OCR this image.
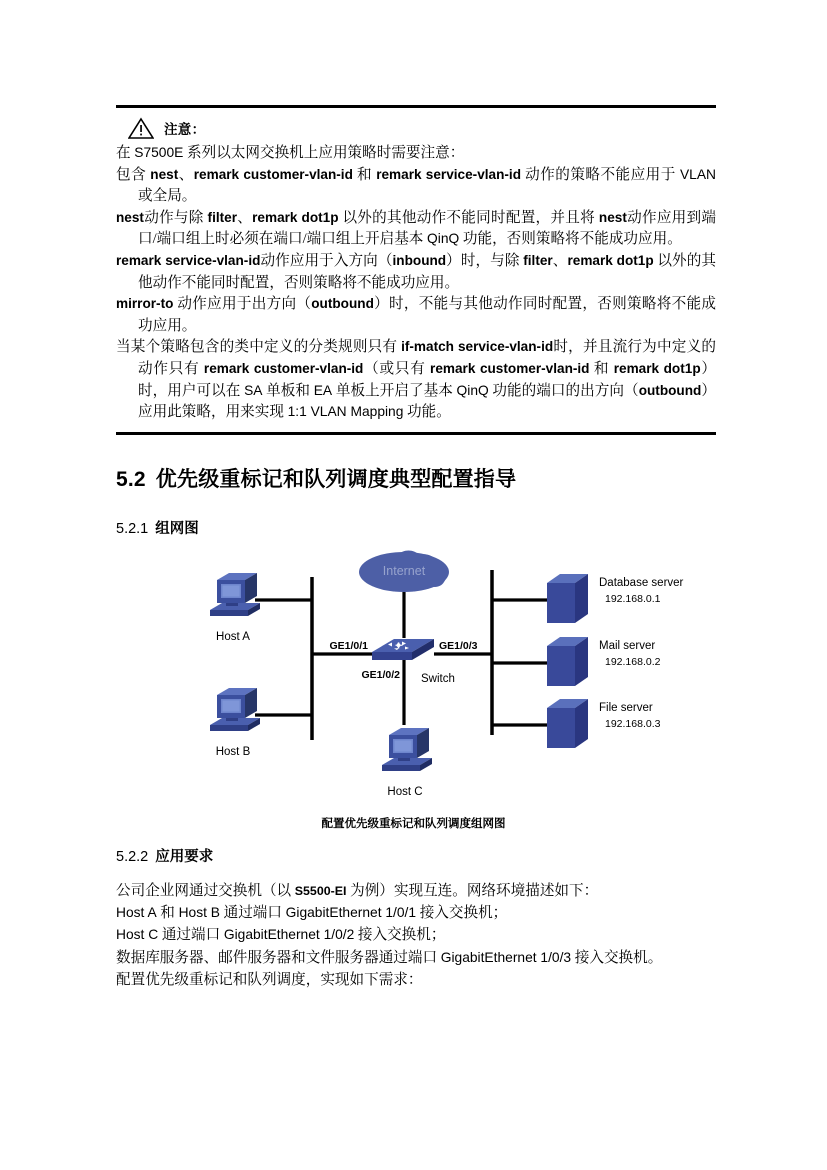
注意：

在 S7500E 系列以太网交换机上应用策略时需要注意：

包含 nest、remark customer-vlan-id 和 remark service-vlan-id 动作的策略不能应用于 VLAN 或全局。

nest动作与除 filter、remark dot1p 以外的其他动作不能同时配置，并且将 nest动作应用到端口/端口组上时必须在端口/端口组上开启基本 QinQ 功能，否则策略将不能成功应用。

remark service-vlan-id动作应用于入方向（inbound）时，与除 filter、remark dot1p 以外的其他动作不能同时配置，否则策略将不能成功应用。

mirror-to 动作应用于出方向（outbound）时，不能与其他动作同时配置，否则策略将不能成功应用。

当某个策略包含的类中定义的分类规则只有 if-match service-vlan-id时，并且流行为中定义的动作只有 remark customer-vlan-id（或只有 remark customer-vlan-id 和 remark dot1p）时，用户可以在 SA 单板和 EA 单板上开启了基本 QinQ 功能的端口的出方向（outbound）应用此策略，用来实现 1:1 VLAN Mapping 功能。

5.2 优先级重标记和队列调度典型配置指导
5.2.1 组网图
Internet
Host A
Host B
Host C
Database server
192.168.0.1
Mail server
192.168.0.2
File server
192.168.0.3
GE1/0/1	GE1/0/3
GE1/0/2 Switch
配置优先级重标记和队列调度组网图
5.2.2 应用要求

公司企业网通过交换机（以 S5500-EI 为例）实现互连。网络环境描述如下：

Host A 和 Host B 通过端口 GigabitEthernet 1/0/1 接入交换机；

Host C 通过端口 GigabitEthernet 1/0/2 接入交换机；

数据库服务器、邮件服务器和文件服务器通过端口 GigabitEthernet 1/0/3 接入交换机。

配置优先级重标记和队列调度，实现如下需求：
